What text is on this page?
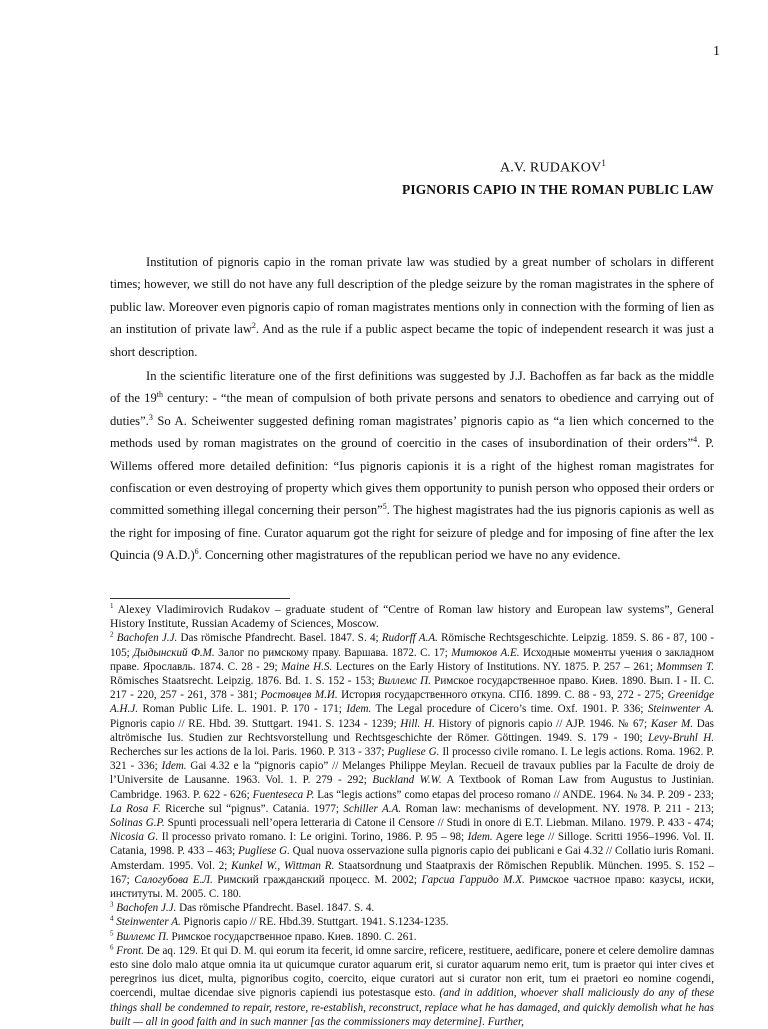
1
A.V. RUDAKOV$^1$
PIGNORIS CAPIO IN THE ROMAN PUBLIC LAW

Institution of pignoris capio in the roman private law was studied by a great number of scholars in different times; however, we still do not have any full description of the pledge seizure by the roman magistrates in the sphere of public law. Moreover even pignoris capio of roman magistrates mentions only in connection with the forming of lien as an institution of private law$^2$. And as the rule if a public aspect became the topic of independent research it was just a short description.

In the scientific literature one of the first definitions was suggested by J.J. Bachoffen as far back as the middle of the 19th century: - “the mean of compulsion of both private persons and senators to obedience and carrying out of duties”.$^3$ So A. Scheiwenter suggested defining roman magistrates’ pignoris capio as “a lien which concerned to the methods used by roman magistrates on the ground of coercitio in the cases of insubordination of their orders”$^4$. P. Willems offered more detailed definition: “Ius pignoris capionis it is a right of the highest roman magistrates for confiscation or even destroying of property which gives them opportunity to punish person who opposed their orders or committed something illegal concerning their person”$^5$. The highest magistrates had the ius pignoris capionis as well as the right for imposing of fine. Curator aquarum got the right for seizure of pledge and for imposing of fine after the lex Quincia (9 A.D.)$^6$. Concerning other magistratures of the republican period we have no any evidence.

$^1$ Alexey Vladimirovich Rudakov – graduate student of “Centre of Roman law history and European law systems”, General History Institute, Russian Academy of Sciences, Moscow.

$^2$ Bachofen J.J. Das römische Pfandrecht. Basel. 1847. S. 4; Rudorff A.A. Römische Rechtsgeschichte. Leipzig. 1859. S. 86 - 87, 100 - 105; Дыдынский Ф.М. Залог по римскому праву. Варшава. 1872. С. 17; Митюков А.Е. Исходные моменты учения о закладном праве. Ярославль. 1874. С. 28 - 29; Maine H.S. Lectures on the Early History of Institutions. NY. 1875. P. 257 – 261; Mommsen T. Römisches Staatsrecht. Leipzig. 1876. Bd. 1. S. 152 - 153; Виллемс П. Римское государственное право. Киев. 1890. Вып. I - II. С. 217 - 220, 257 - 261, 378 - 381; Ростовцев М.И. История государственного откупа. СПб. 1899. С. 88 - 93, 272 - 275; Greenidge A.H.J. Roman Public Life. L. 1901. P. 170 - 171; Idem. The Legal procedure of Cicero’s time. Oxf. 1901. P. 336; Steinwenter A. Pignoris capio // RE. Hbd. 39. Stuttgart. 1941. S. 1234 - 1239; Hill. H. History of pignoris capio // AJP. 1946. № 67; Kaser M. Das altrömische Ius. Studien zur Rechtsvorstellung und Rechtsgeschichte der Römer. Göttingen. 1949. S. 179 - 190; Levy-Bruhl H. Recherches sur les actions de la loi. Paris. 1960. P. 313 - 337; Pugliese G. Il processo civile romano. I. Le legis actions. Roma. 1962. P. 321 - 336; Idem. Gai 4.32 e la “pignoris capio” // Melanges Philippe Meylan. Recueil de travaux publies par la Faculte de droiy de l’Universite de Lausanne. 1963. Vol. 1. P. 279 - 292; Buckland W.W. A Textbook of Roman Law from Augustus to Justinian. Cambridge. 1963. P. 622 - 626; Fuenteseca P. Las “legis actions” como etapas del proceso romano // ANDE. 1964. № 34. P. 209 - 233; La Rosa F. Ricerche sul “pignus”. Catania. 1977; Schiller A.A. Roman law: mechanisms of development. NY. 1978. P. 211 - 213; Solinas G.P. Spunti processuali nell’opera letteraria di Catone il Censore // Studi in onore di E.T. Liebman. Milano. 1979. P. 433 - 474; Nicosia G. Il processo privato romano. I: Le origini. Torino, 1986. P. 95 – 98; Idem. Agere lege // Silloge. Scritti 1956–1996. Vol. II. Catania, 1998. P. 433 – 463; Pugliese G. Qual nuova osservazione sulla pignoris capio dei publicani e Gai 4.32 // Collatio iuris Romani. Amsterdam. 1995. Vol. 2; Kunkel W., Wittman R. Staatsordnung und Staatpraxis der Römischen Republik. München. 1995. S. 152 – 167; Салогубова Е.Л. Римский гражданский процесс. М. 2002; Гарсиа Гарридо М.Х. Римское частное право: казусы, иски, институты. М. 2005. С. 180.

$^3$ Bachofen J.J. Das römische Pfandrecht. Basel. 1847. S. 4.

$^4$ Steinwenter A. Pignoris capio // RE. Hbd.39. Stuttgart. 1941. S.1234-1235.

$^5$ Виллемс П. Римское государственное право. Киев. 1890. С. 261.

$^6$ Front. De aq. 129. Et qui D. M. qui eorum ita fecerit, id omne sarcire, reficere, restituere, aedificare, ponere et celere demolire damnas esto sine dolo malo atque omnia ita ut quicumque curator aquarum erit, si curator aquarum nemo erit, tum is praetor qui inter cives et peregrinos ius dicet, multa, pignoribus cogito, coercito, eique curatori aut si curator non erit, tum ei praetori eo nomine cogendi, coercendi, multae dicendae sive pignoris capiendi ius potestasque esto. (and in addition, whoever shall maliciously do any of these things shall be condemned to repair, restore, re-establish, reconstruct, replace what he has damaged, and quickly demolish what he has built — all in good faith and in such manner [as the commissioners may determine]. Further,
